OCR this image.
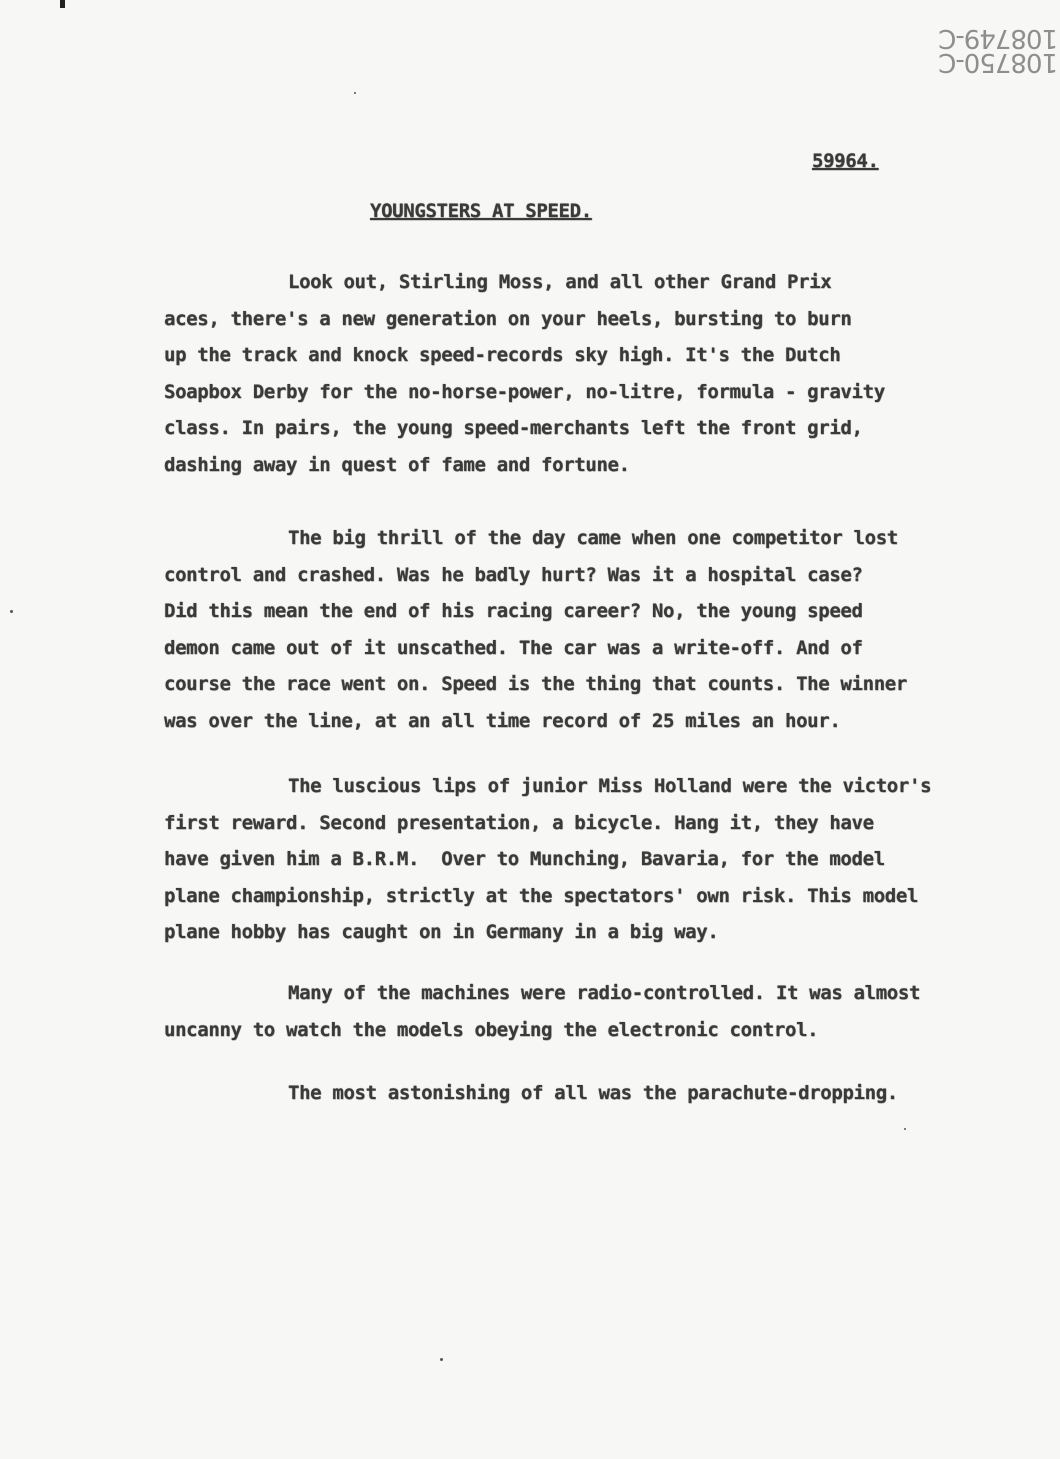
108750-C
108749-C
59964.
YOUNGSTERS AT SPEED.
Look out, Stirling Moss, and all other Grand Prix
aces, there's a new generation on your heels, bursting to burn
up the track and knock speed-records sky high. It's the Dutch
Soapbox Derby for the no-horse-power, no-litre, formula - gravity
class. In pairs, the young speed-merchants left the front grid,
dashing away in quest of fame and fortune.
The big thrill of the day came when one competitor lost
control and crashed. Was he badly hurt? Was it a hospital case?
Did this mean the end of his racing career? No, the young speed
demon came out of it unscathed. The car was a write-off. And of
course the race went on. Speed is the thing that counts. The winner
was over the line, at an all time record of 25 miles an hour.
The luscious lips of junior Miss Holland were the victor's
first reward. Second presentation, a bicycle. Hang it, they have
have given him a B.R.M.  Over to Munching, Bavaria, for the model
plane championship, strictly at the spectators' own risk. This model
plane hobby has caught on in Germany in a big way.
Many of the machines were radio-controlled. It was almost
uncanny to watch the models obeying the electronic control.
The most astonishing of all was the parachute-dropping.
